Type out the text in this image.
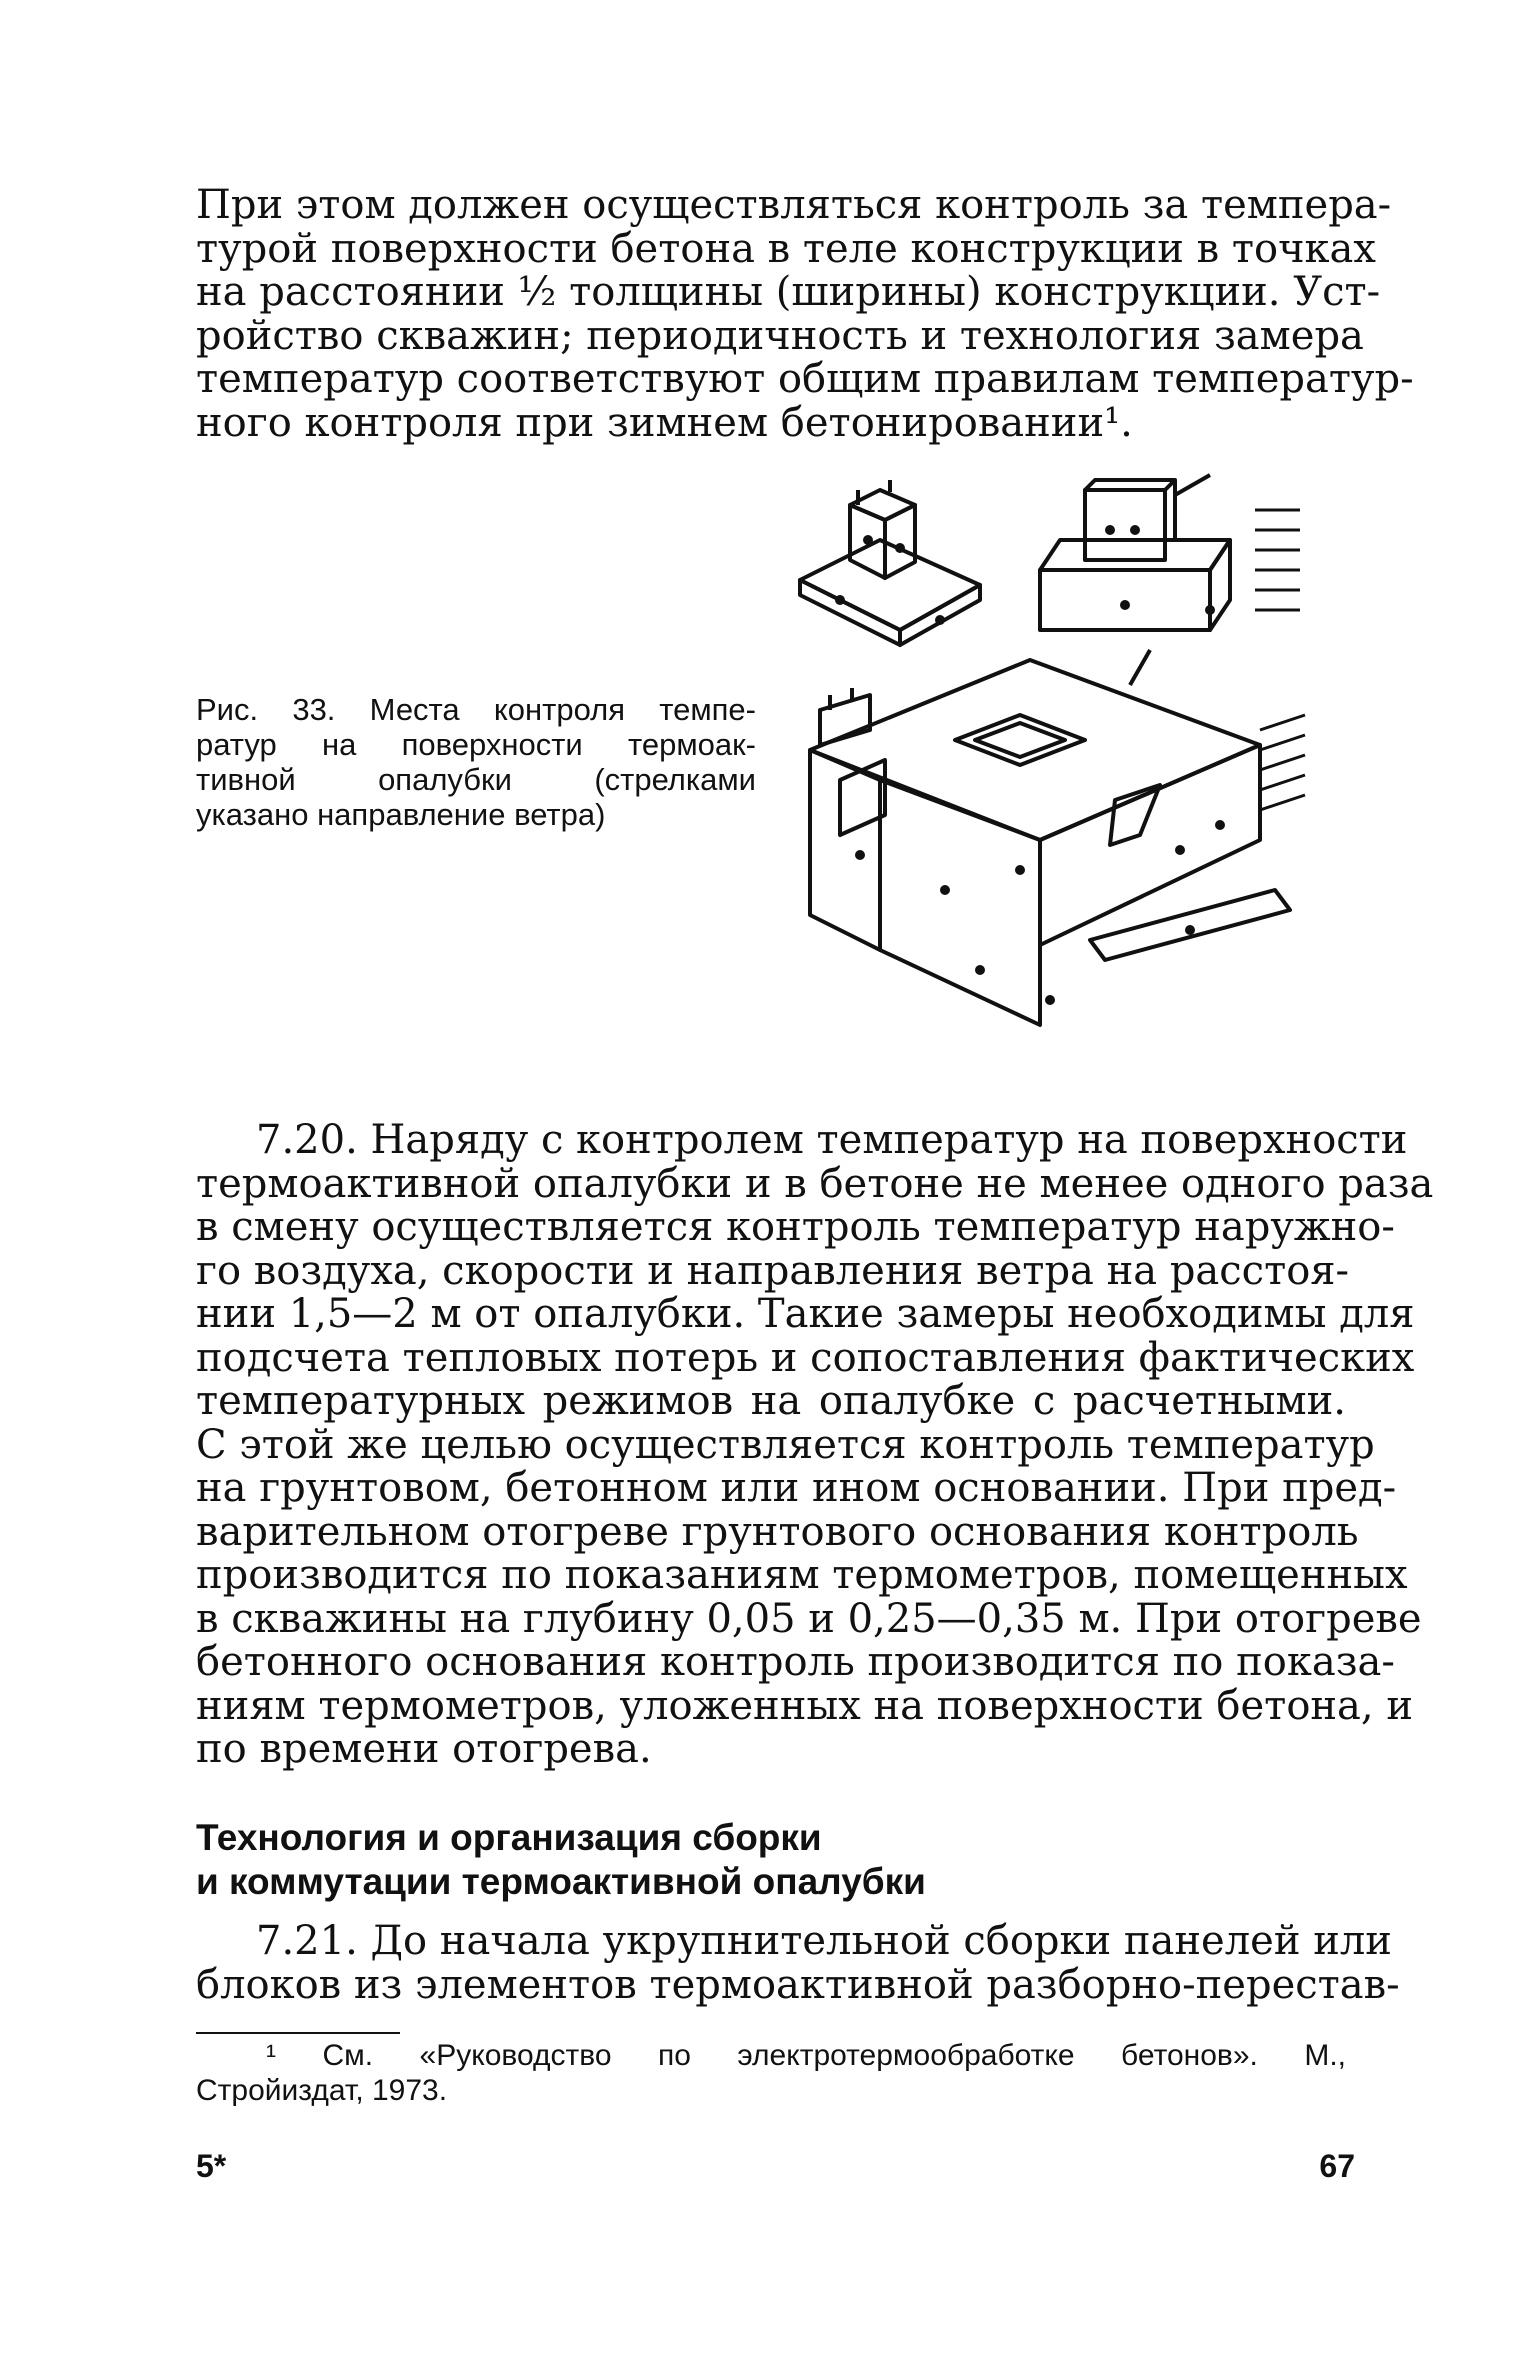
При этом должен осуществляться контроль за темпера-
турой поверхности бетона в теле конструкции в точках
на расстоянии ½ толщины (ширины) конструкции. Уст-
ройство скважин; периодичность и технология замера
температур соответствуют общим правилам температур-
ного контроля при зимнем бетонировании¹.
Рис. 33. Места контроля темпе-
ратур на поверхности термоак-
тивной опалубки (стрелками
указано направление ветра)
7.20. Наряду с контролем температур на поверхности
термоактивной опалубки и в бетоне не менее одного раза
в смену осуществляется контроль температур наружно-
го воздуха, скорости и направления ветра на расстоя-
нии 1,5—2 м от опалубки. Такие замеры необходимы для
подсчета тепловых потерь и сопоставления фактических
температурных режимов на опалубке с расчетными.
С этой же целью осуществляется контроль температур
на грунтовом, бетонном или ином основании. При пред-
варительном отогреве грунтового основания контроль
производится по показаниям термометров, помещенных
в скважины на глубину 0,05 и 0,25—0,35 м. При отогреве
бетонного основания контроль производится по показа-
ниям термометров, уложенных на поверхности бетона, и
по времени отогрева.
Технология и организация сборки
и коммутации термоактивной опалубки
7.21. До начала укрупнительной сборки панелей или
блоков из элементов термоактивной разборно-перестав-
¹ См. «Руководство по электротермообработке бетонов». М.,
Стройиздат, 1973.
5*	67
